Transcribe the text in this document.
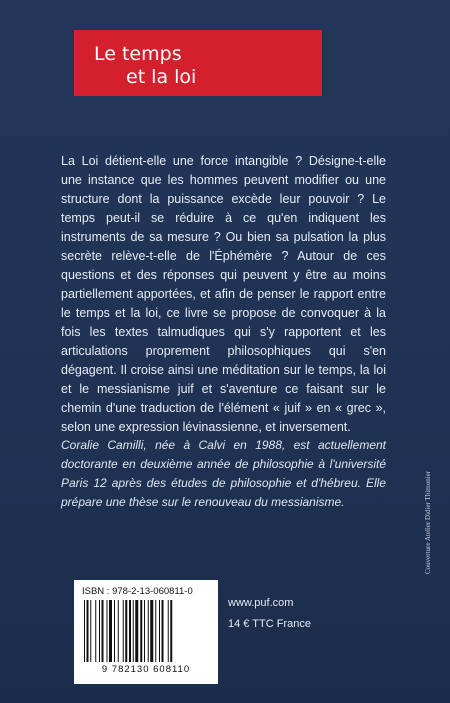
Le temps
et la loi

La Loi détient-elle une force intangible ? Désigne-t-elle une instance que les hommes peuvent modifier ou une structure dont la puissance excède leur pouvoir ? Le temps peut-il se réduire à ce qu'en indiquent les instruments de sa mesure ? Ou bien sa pulsation la plus secrète relève-t-elle de l'Éphémère ? Autour de ces questions et des réponses qui peuvent y être au moins partiellement apportées, et afin de penser le rapport entre le temps et la loi, ce livre se propose de convoquer à la fois les textes talmudiques qui s'y rapportent et les articulations proprement philosophiques qui s'en dégagent. Il croise ainsi une méditation sur le temps, la loi et le messianisme juif et s'aventure ce faisant sur le chemin d'une traduction de l'élément « juif » en « grec », selon une expression lévinassienne, et inversement.

Coralie Camilli, née à Calvi en 1988, est actuellement doctorante en deuxième année de philosophie à l'université Paris 12 après des études de philosophie et d'hébreu. Elle prépare une thèse sur le renouveau du messianisme.	Couverture Atelier Didier Thimonier
ISBN : 978-2-13-060811-0
9 782130 608110
www.puf.com
14 € TTC France
